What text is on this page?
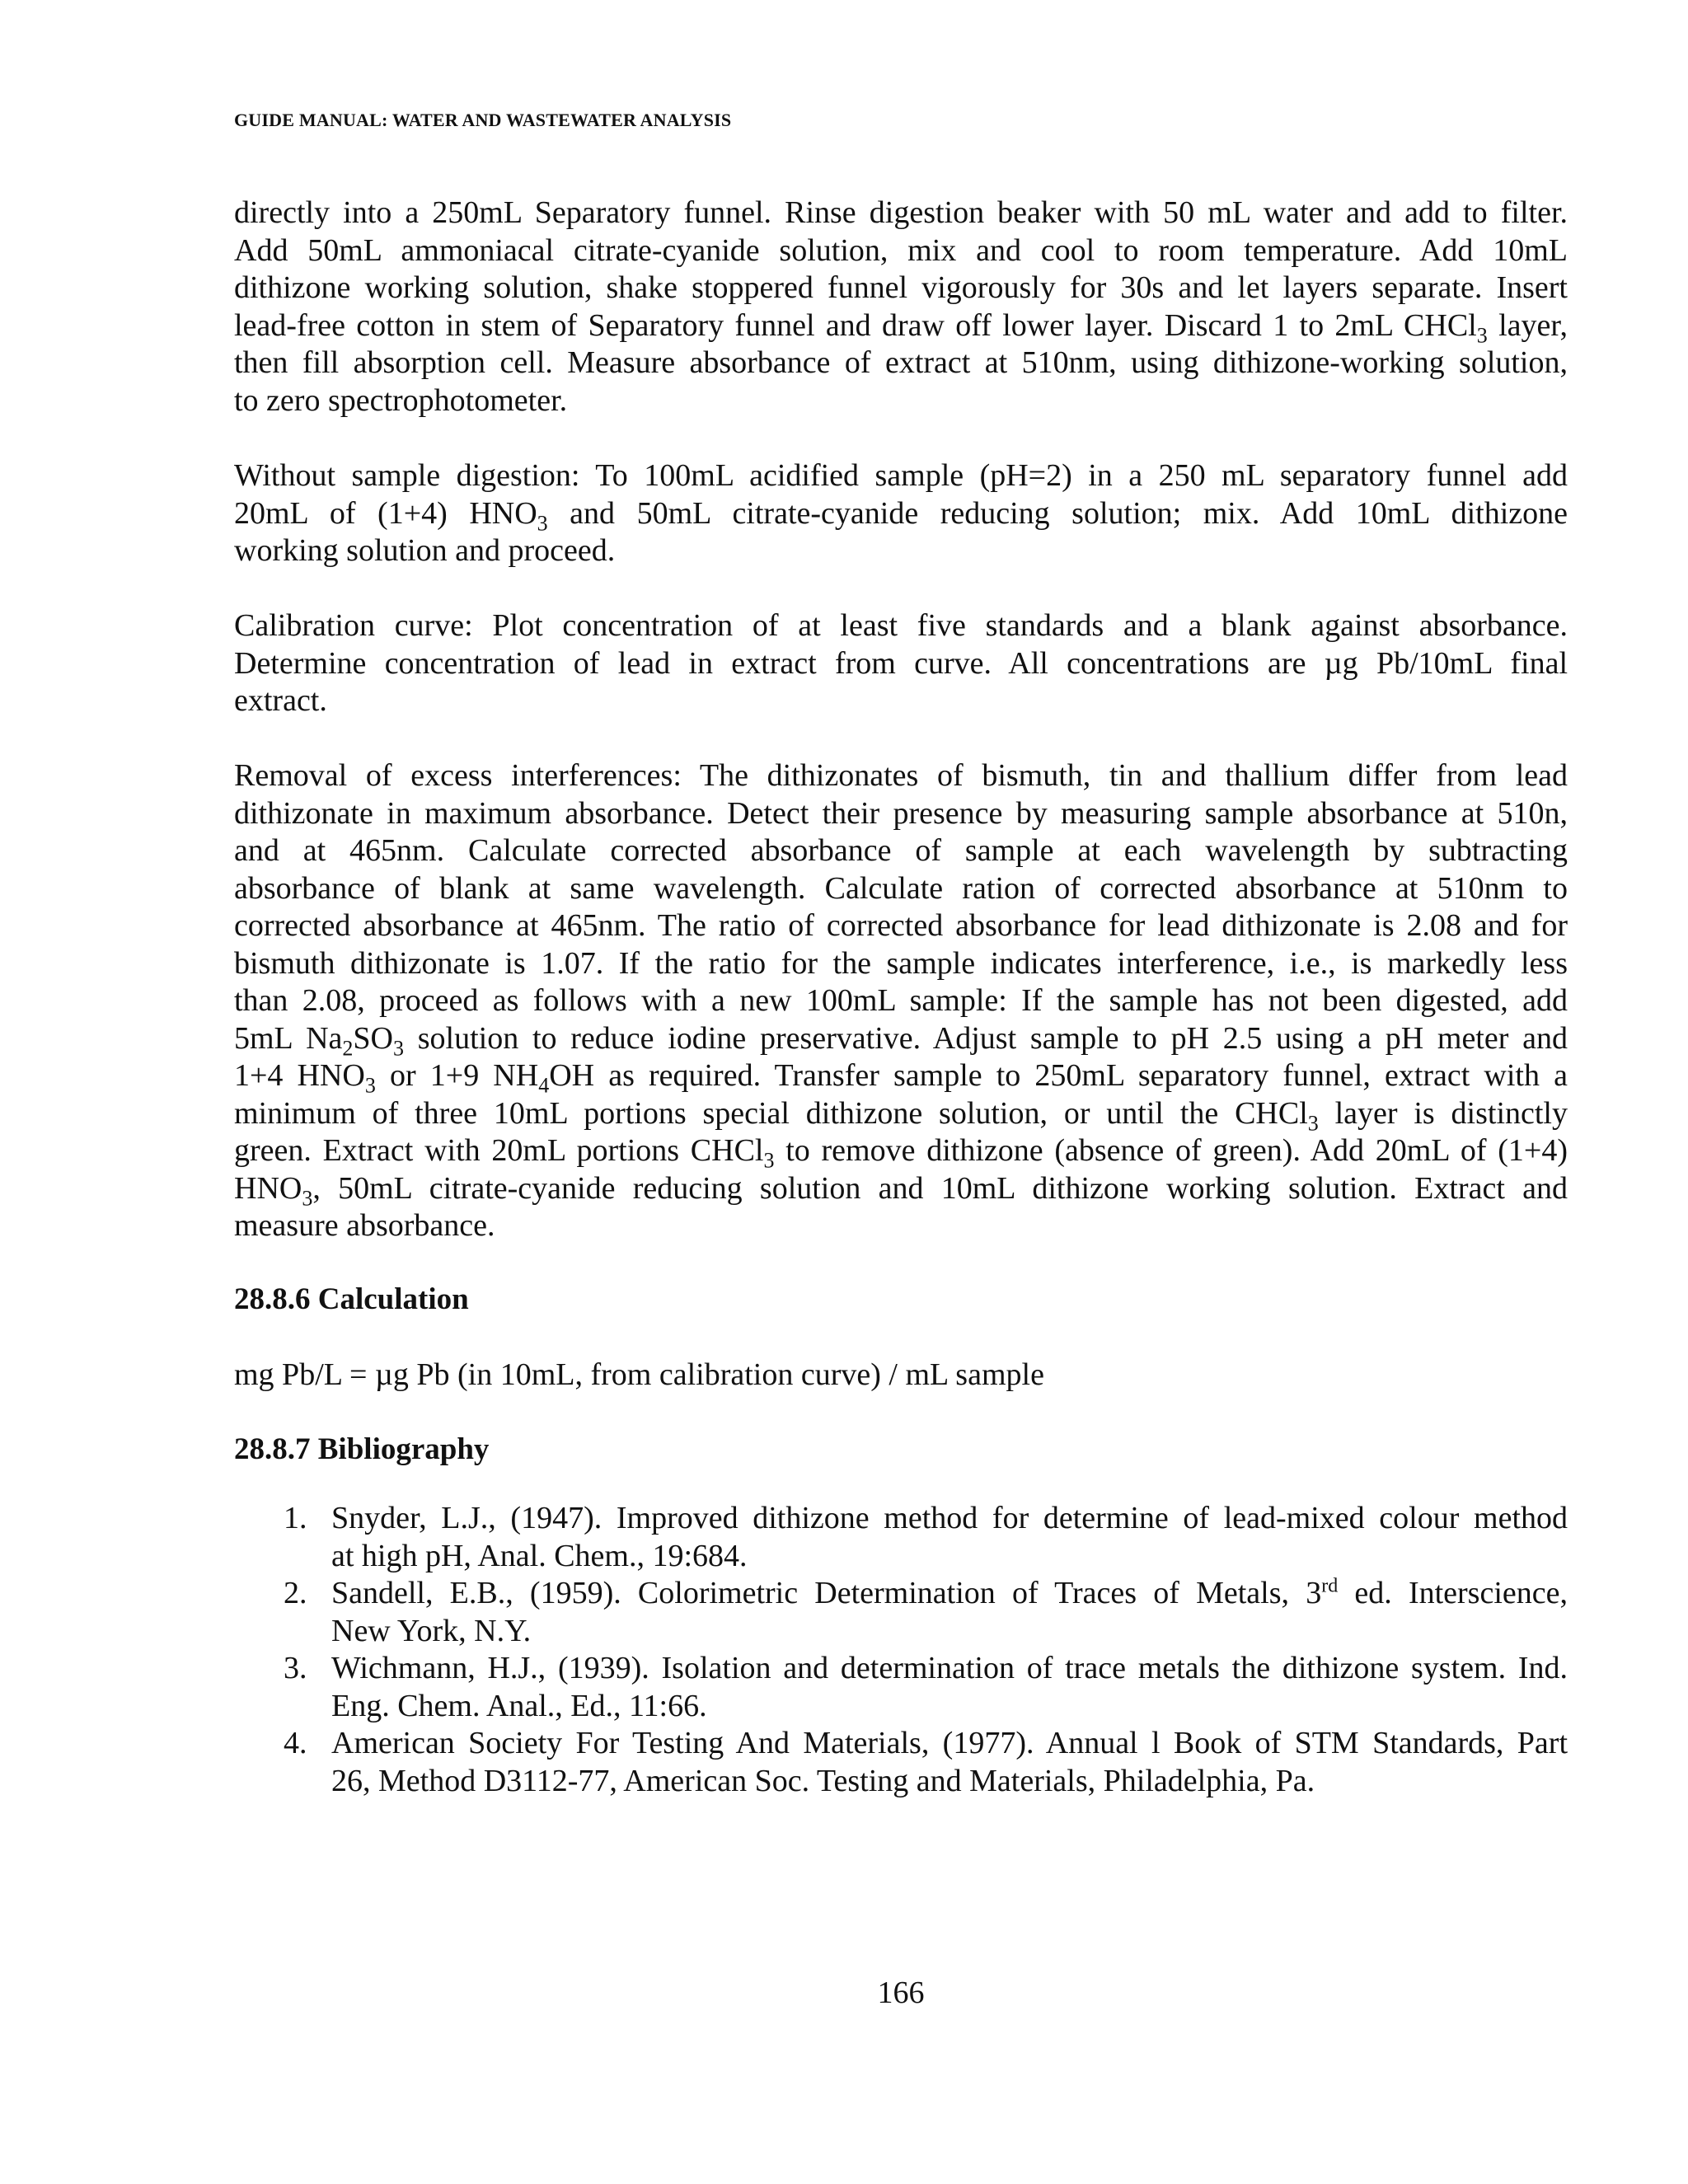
GUIDE MANUAL: WATER AND WASTEWATER ANALYSIS
directly into a 250mL Separatory funnel. Rinse digestion beaker with 50 mL water and add to filter.
Add 50mL ammoniacal citrate-cyanide solution, mix and cool to room temperature. Add 10mL
dithizone working solution, shake stoppered funnel vigorously for 30s and let layers separate. Insert
lead-free cotton in stem of Separatory funnel and draw off lower layer. Discard 1 to 2mL CHCl$_3$ layer,
then fill absorption cell. Measure absorbance of extract at 510nm, using dithizone-working solution,
to zero spectrophotometer.
Without sample digestion: To 100mL acidified sample (pH=2) in a 250 mL separatory funnel add
20mL of (1+4) $HNO_3$ and 50mL citrate-cyanide reducing solution; mix. Add 10mL dithizone
working solution and proceed.
Calibration curve: Plot concentration of at least five standards and a blank against absorbance.
Determine concentration of lead in extract from curve. All concentrations are µg Pb/10mL final
extract.
Removal of excess interferences: The dithizonates of bismuth, tin and thallium differ from lead
dithizonate in maximum absorbance. Detect their presence by measuring sample absorbance at 510n,
and at 465nm. Calculate corrected absorbance of sample at each wavelength by subtracting
absorbance of blank at same wavelength. Calculate ration of corrected absorbance at 510nm to
corrected absorbance at 465nm. The ratio of corrected absorbance for lead dithizonate is 2.08 and for
bismuth dithizonate is 1.07. If the ratio for the sample indicates interference, i.e., is markedly less
than 2.08, proceed as follows with a new 100mL sample: If the sample has not been digested, add
5mL $Na_2SO_3$ solution to reduce iodine preservative. Adjust sample to pH 2.5 using a pH meter and
1+4 $HNO_3$ or 1+9 $NH_4OH$ as required. Transfer sample to 250mL separatory funnel, extract with a
minimum of three 10mL portions special dithizone solution, or until the CHCl$_3$ layer is distinctly
green. Extract with 20mL portions CHCl$_3$ to remove dithizone (absence of green). Add 20mL of (1+4)
$HNO_3$, 50mL citrate-cyanide reducing solution and 10mL dithizone working solution. Extract and
measure absorbance.
28.8.6 Calculation

mg Pb/L = µg Pb (in 10mL, from calibration curve) / mL sample

28.8.7 Bibliography
1. Snyder, L.J., (1947). Improved dithizone method for determine of lead-mixed colour method
at high pH, Anal. Chem., 19:684.
2. Sandell, E.B., (1959). Colorimetric Determination of Traces of Metals, 3rd ed. Interscience,
New York, N.Y.
3. Wichmann, H.J., (1939). Isolation and determination of trace metals the dithizone system. Ind.
Eng. Chem. Anal., Ed., 11:66.
4. American Society For Testing And Materials, (1977). Annual l Book of STM Standards, Part
26, Method D3112-77, American Soc. Testing and Materials, Philadelphia, Pa.
166
